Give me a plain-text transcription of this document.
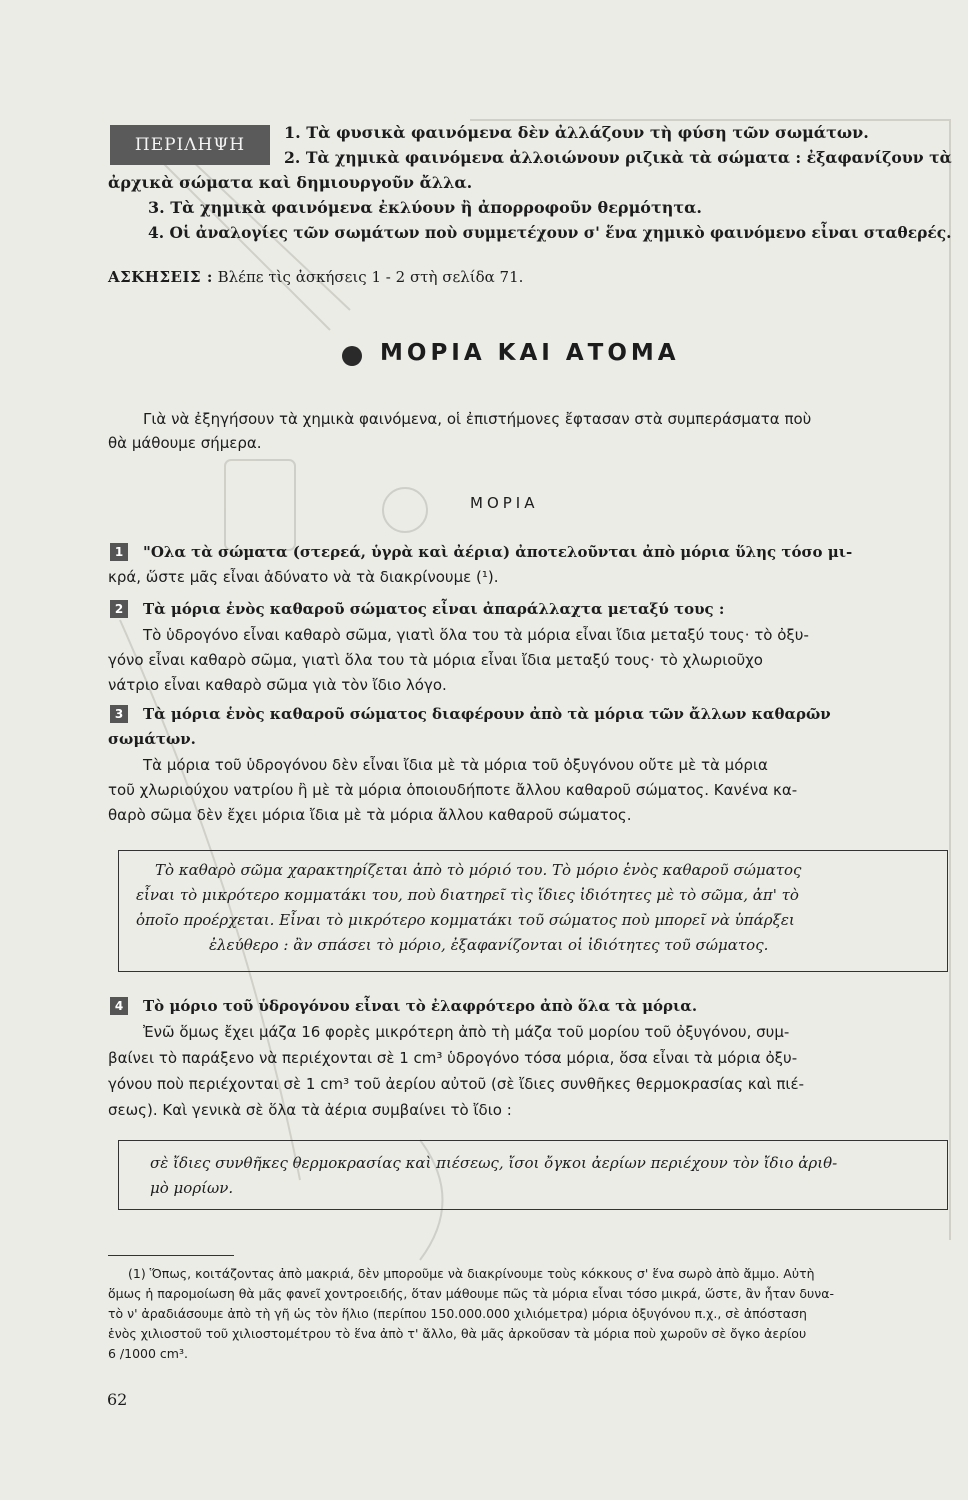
ΠΕΡΙΛΗΨΗ
1. Τὰ φυσικὰ φαινόμενα δὲν ἀλλάζουν τὴ φύση τῶν σωμάτων.
2. Τὰ χημικὰ φαινόμενα ἀλλοιώνουν ριζικὰ τὰ σώματα : ἐξαφανίζουν τὰ
ἀρχικὰ σώματα καὶ δημιουργοῦν ἄλλα.
3. Τὰ χημικὰ φαινόμενα ἐκλύουν ἢ ἀπορροφοῦν θερμότητα.
4. Οἱ ἀναλογίες τῶν σωμάτων ποὺ συμμετέχουν σ' ἕνα χημικὸ φαινόμενο εἶναι σταθερές.
ΑΣΚΗΣΕΙΣ : Βλέπε τὶς ἀσκήσεις 1 - 2 στὴ σελίδα 71.
ΜΟΡΙΑ ΚΑΙ ΑΤΟΜΑ
Γιὰ νὰ ἐξηγήσουν τὰ χημικὰ φαινόμενα, οἱ ἐπιστήμονες ἔφτασαν στὰ συμπεράσματα ποὺ
θὰ μάθουμε σήμερα.
ΜΟΡΙΑ
1	"Ολα τὰ σώματα (στερεά, ὑγρὰ καὶ ἀέρια) ἀποτελοῦνται ἀπὸ μόρια ὕλης τόσο μι-
κρά, ὥστε μᾶς εἶναι ἀδύνατο νὰ τὰ διακρίνουμε (¹).
2	Τὰ μόρια ἑνὸς καθαροῦ σώματος εἶναι ἀπαράλλαχτα μεταξύ τους :
Τὸ ὑδρογόνο εἶναι καθαρὸ σῶμα, γιατὶ ὅλα του τὰ μόρια εἶναι ἴδια μεταξύ τους· τὸ ὀξυ-
γόνο εἶναι καθαρὸ σῶμα, γιατὶ ὅλα του τὰ μόρια εἶναι ἴδια μεταξύ τους· τὸ χλωριοῦχο
νάτριο εἶναι καθαρὸ σῶμα γιὰ τὸν ἴδιο λόγο.
3	Τὰ μόρια ἑνὸς καθαροῦ σώματος διαφέρουν ἀπὸ τὰ μόρια τῶν ἄλλων καθαρῶν
σωμάτων.
Τὰ μόρια τοῦ ὑδρογόνου δὲν εἶναι ἴδια μὲ τὰ μόρια τοῦ ὀξυγόνου οὔτε μὲ τὰ μόρια
τοῦ χλωριούχου νατρίου ἢ μὲ τὰ μόρια ὁποιουδήποτε ἄλλου καθαροῦ σώματος. Κανένα κα-
θαρὸ σῶμα δὲν ἔχει μόρια ἴδια μὲ τὰ μόρια ἄλλου καθαροῦ σώματος.
Τὸ καθαρὸ σῶμα χαρακτηρίζεται ἀπὸ τὸ μόριό του. Τὸ μόριο ἑνὸς καθαροῦ σώματος
εἶναι τὸ μικρότερο κομματάκι του, ποὺ διατηρεῖ τὶς ἴδιες ἰδιότητες μὲ τὸ σῶμα, ἀπ' τὸ
ὁποῖο προέρχεται. Εἶναι τὸ μικρότερο κομματάκι τοῦ σώματος ποὺ μπορεῖ νὰ ὑπάρξει
ἐλεύθερο : ἂν σπάσει τὸ μόριο, ἐξαφανίζονται οἱ ἰδιότητες τοῦ σώματος.
4	Τὸ μόριο τοῦ ὑδρογόνου εἶναι τὸ ἐλαφρότερο ἀπὸ ὅλα τὰ μόρια.
Ἐνῶ ὅμως ἔχει μάζα 16 φορὲς μικρότερη ἀπὸ τὴ μάζα τοῦ μορίου τοῦ ὀξυγόνου, συμ-
βαίνει τὸ παράξενο νὰ περιέχονται σὲ 1 cm³ ὑδρογόνο τόσα μόρια, ὅσα εἶναι τὰ μόρια ὀξυ-
γόνου ποὺ περιέχονται σὲ 1 cm³ τοῦ ἀερίου αὐτοῦ (σὲ ἴδιες συνθῆκες θερμοκρασίας καὶ πιέ-
σεως). Καὶ γενικὰ σὲ ὅλα τὰ ἀέρια συμβαίνει τὸ ἴδιο :
σὲ ἴδιες συνθῆκες θερμοκρασίας καὶ πιέσεως, ἴσοι ὄγκοι ἀερίων περιέχουν τὸν ἴδιο ἀριθ-
μὸ μορίων.
(1) Ὅπως, κοιτάζοντας ἀπὸ μακριά, δὲν μποροῦμε νὰ διακρίνουμε τοὺς κόκκους σ' ἕνα σωρὸ ἀπὸ ἄμμο. Αὐτὴ
ὅμως ἡ παρομοίωση θὰ μᾶς φανεῖ χοντροειδής, ὅταν μάθουμε πῶς τὰ μόρια εἶναι τόσο μικρά, ὥστε, ἂν ἦταν δυνα-
τὸ ν' ἀραδιάσουμε ἀπὸ τὴ γῆ ὡς τὸν ἥλιο (περίπου 150.000.000 χιλιόμετρα) μόρια ὀξυγόνου π.χ., σὲ ἀπόσταση
ἑνὸς χιλιοστοῦ τοῦ χιλιοστομέτρου τὸ ἕνα ἀπὸ τ' ἄλλο, θὰ μᾶς ἀρκοῦσαν τὰ μόρια ποὺ χωροῦν σὲ ὄγκο ἀερίου
6 /1000 cm³.
62
